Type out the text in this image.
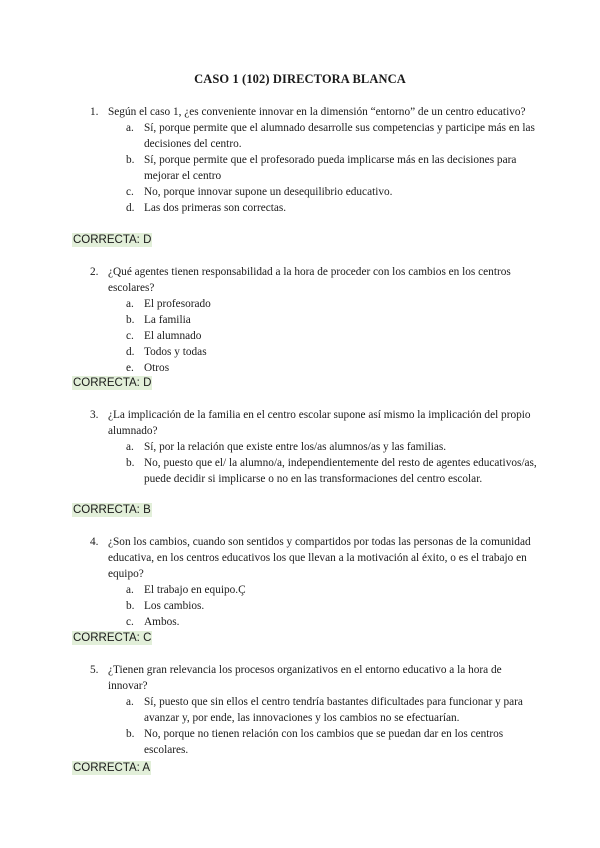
CASO 1 (102) DIRECTORA BLANCA
1. Según el caso 1, ¿es conveniente innovar en la dimensión “entorno” de un centro educativo?
a. Sí, porque permite que el alumnado desarrolle sus competencias y participe más en las decisiones del centro.
b. Sí, porque permite que el profesorado pueda implicarse más en las decisiones para mejorar el centro
c. No, porque innovar supone un desequilibrio educativo.
d. Las dos primeras son correctas.
CORRECTA: D
2. ¿Qué agentes tienen responsabilidad a la hora de proceder con los cambios en los centros escolares?
a. El profesorado
b. La familia
c. El alumnado
d. Todos y todas
e. Otros
CORRECTA: D
3. ¿La implicación de la familia en el centro escolar supone así mismo la implicación del propio alumnado?
a. Sí, por la relación que existe entre los/as alumnos/as y las familias.
b. No, puesto que el/ la alumno/a, independientemente del resto de agentes educativos/as, puede decidir si implicarse o no en las transformaciones del centro escolar.
CORRECTA: B
4. ¿Son los cambios, cuando son sentidos y compartidos por todas las personas de la comunidad educativa, en los centros educativos los que llevan a la motivación al éxito, o es el trabajo en equipo?
a. El trabajo en equipo.Ç
b. Los cambios.
c. Ambos.
CORRECTA: C
5. ¿Tienen gran relevancia los procesos organizativos en el entorno educativo a la hora de innovar?
a. Sí, puesto que sin ellos el centro tendría bastantes dificultades para funcionar y para avanzar y, por ende, las innovaciones y los cambios no se efectuarían.
b. No, porque no tienen relación con los cambios que se puedan dar en los centros escolares.
CORRECTA: A
